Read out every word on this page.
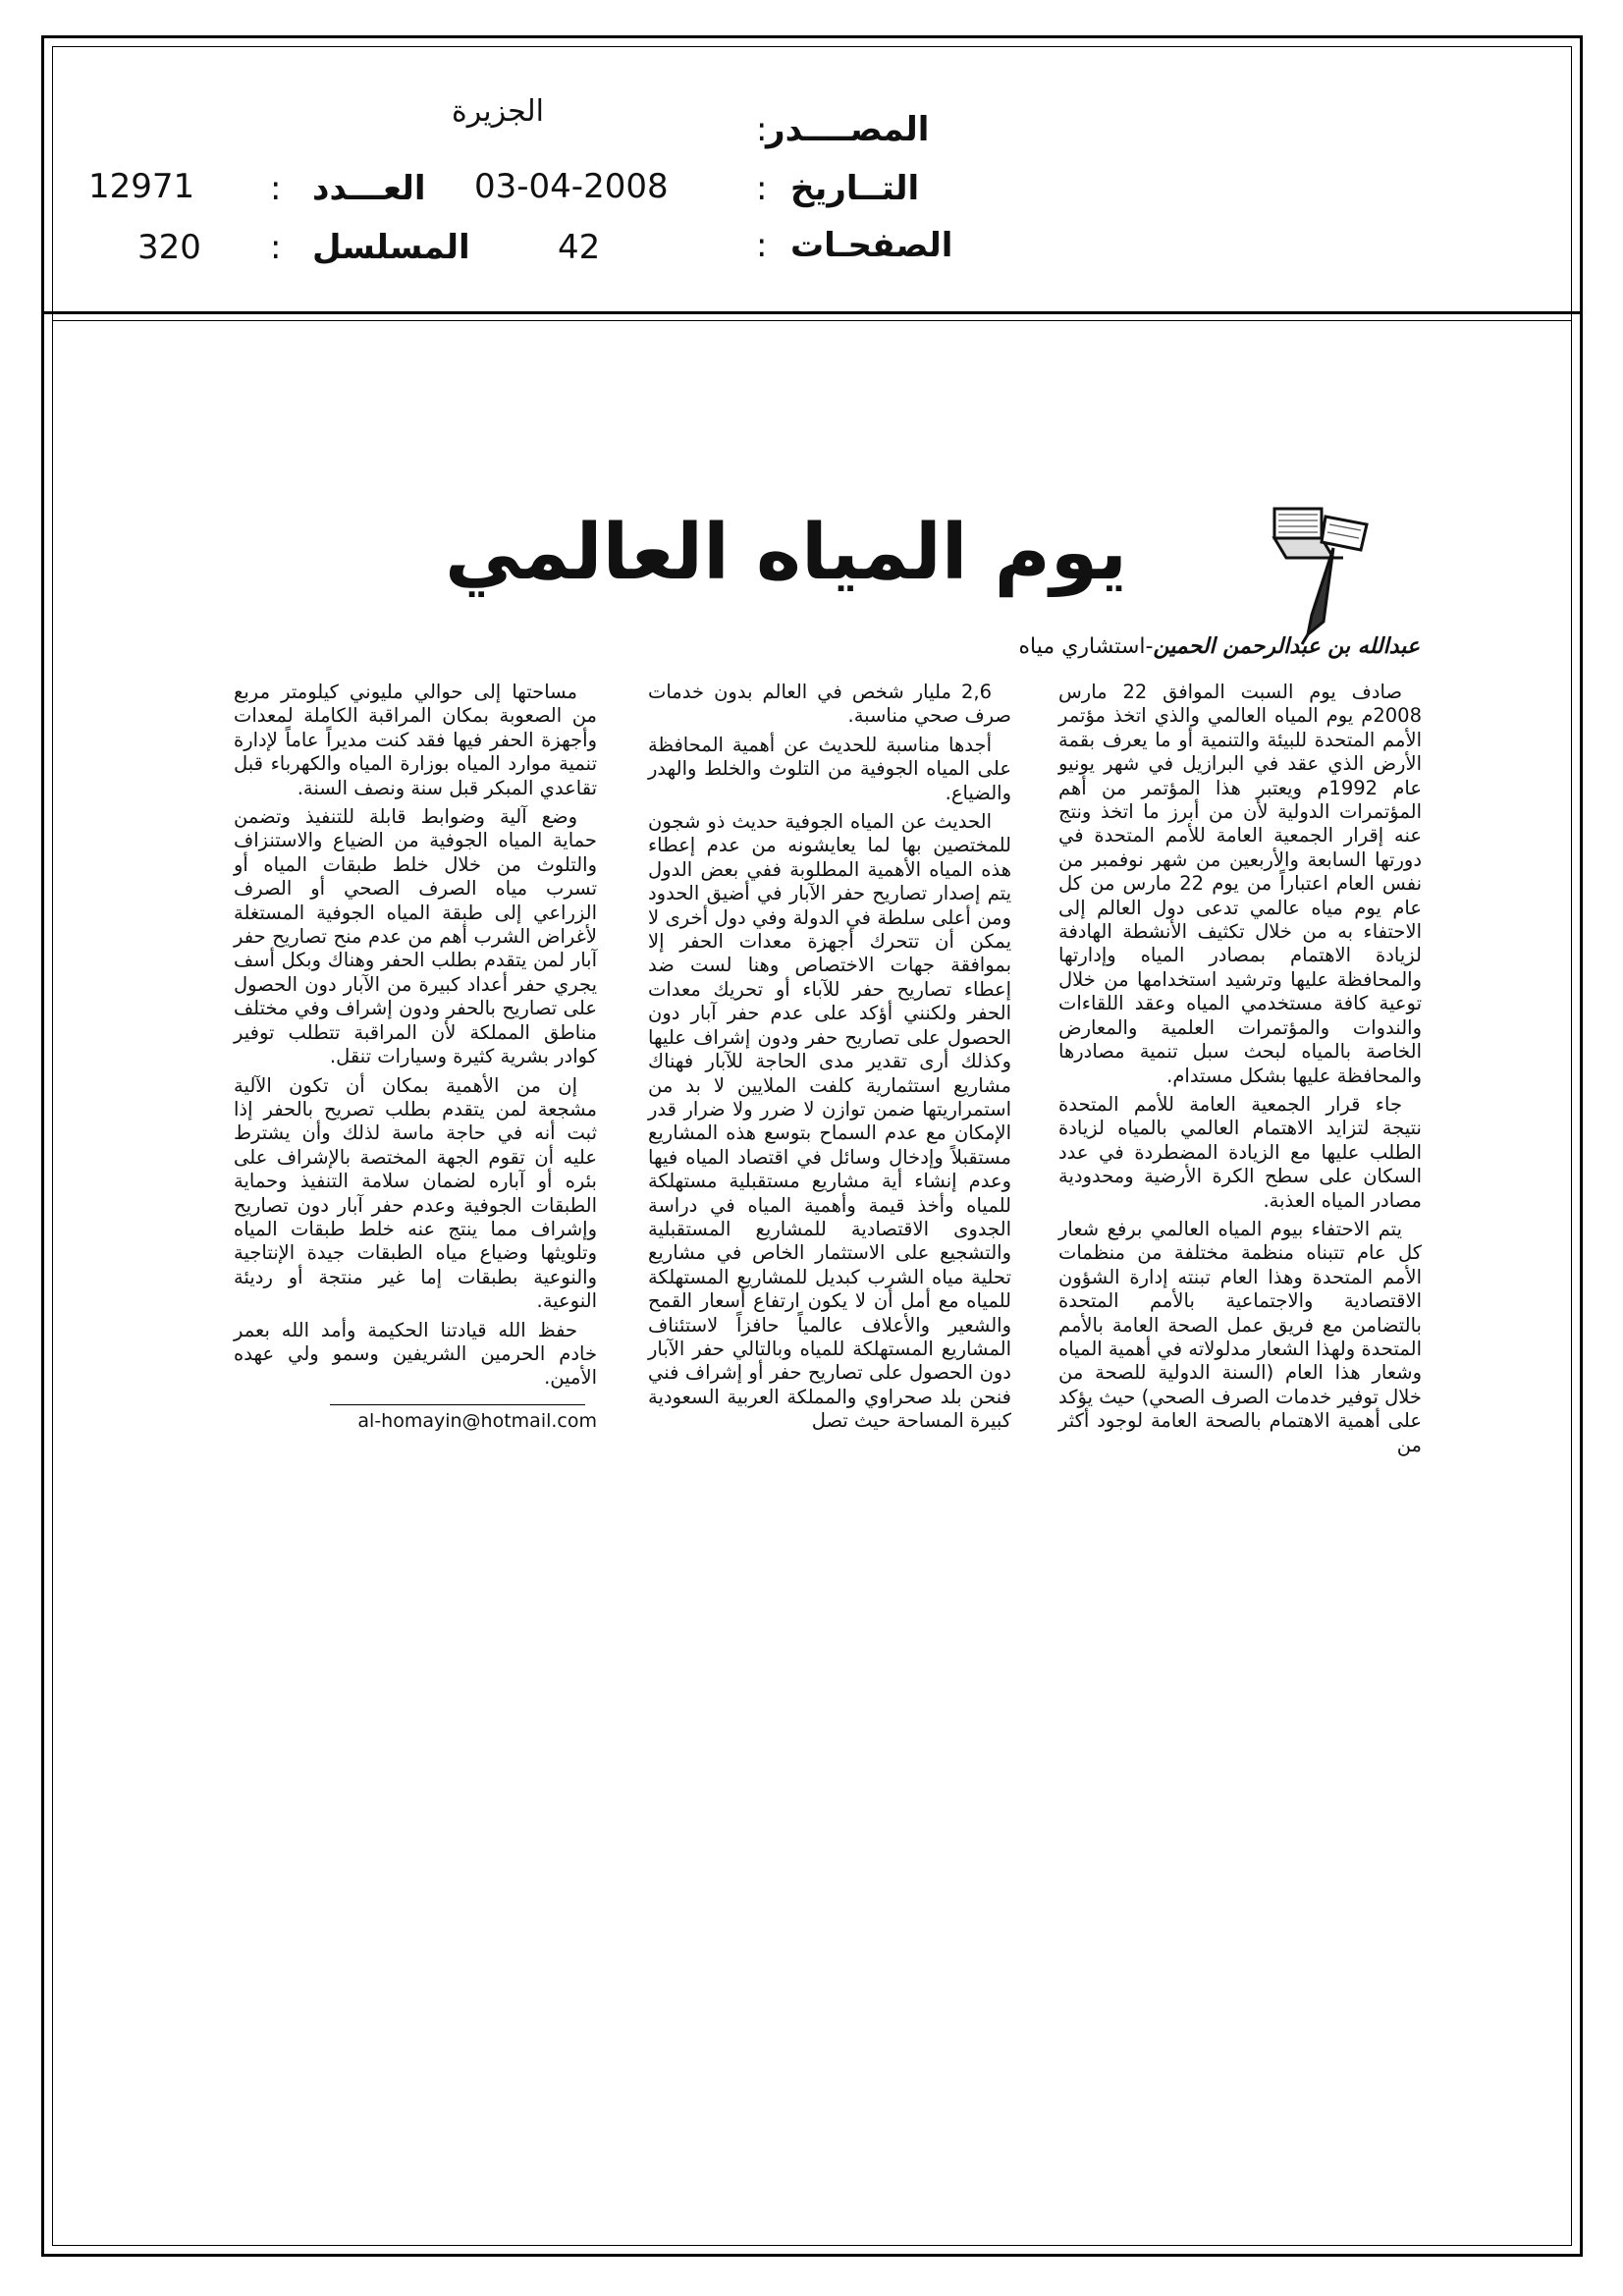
المصــــدر
:
الجزيرة
التــاريخ
:
03-04-2008
العـــدد
:
12971
الصفحـات
:
42
المسلسل
:
320
يوم المياه العالمي
عبدالله بن عبدالرحمن الحمين-استشاري مياه

صادف يوم السبت الموافق 22 مارس 2008م يوم المياه العالمي والذي اتخذ مؤتمر الأمم المتحدة للبيئة والتنمية أو ما يعرف بقمة الأرض الذي عقد في البرازيل في شهر يونيو عام 1992م ويعتبر هذا المؤتمر من أهم المؤتمرات الدولية لأن من أبرز ما اتخذ ونتج عنه إقرار الجمعية العامة للأمم المتحدة في دورتها السابعة والأربعين من شهر نوفمبر من نفس العام اعتباراً من يوم 22 مارس من كل عام يوم مياه عالمي تدعى دول العالم إلى الاحتفاء به من خلال تكثيف الأنشطة الهادفة لزيادة الاهتمام بمصادر المياه وإدارتها والمحافظة عليها وترشيد استخدامها من خلال توعية كافة مستخدمي المياه وعقد اللقاءات والندوات والمؤتمرات العلمية والمعارض الخاصة بالمياه لبحث سبل تنمية مصادرها والمحافظة عليها بشكل مستدام.

جاء قرار الجمعية العامة للأمم المتحدة نتيجة لتزايد الاهتمام العالمي بالمياه لزيادة الطلب عليها مع الزيادة المضطردة في عدد السكان على سطح الكرة الأرضية ومحدودية مصادر المياه العذبة.

يتم الاحتفاء بيوم المياه العالمي برفع شعار كل عام تتبناه منظمة مختلفة من منظمات الأمم المتحدة وهذا العام تبنته إدارة الشؤون الاقتصادية والاجتماعية بالأمم المتحدة بالتضامن مع فريق عمل الصحة العامة بالأمم المتحدة ولهذا الشعار مدلولاته في أهمية المياه وشعار هذا العام (السنة الدولية للصحة من خلال توفير خدمات الصرف الصحي) حيث يؤكد على أهمية الاهتمام بالصحة العامة لوجود أكثر من

2,6 مليار شخص في العالم بدون خدمات صرف صحي مناسبة.

أجدها مناسبة للحديث عن أهمية المحافظة على المياه الجوفية من التلوث والخلط والهدر والضياع.

الحديث عن المياه الجوفية حديث ذو شجون للمختصين بها لما يعايشونه من عدم إعطاء هذه المياه الأهمية المطلوبة ففي بعض الدول يتم إصدار تصاريح حفر الآبار في أضيق الحدود ومن أعلى سلطة في الدولة وفي دول أخرى لا يمكن أن تتحرك أجهزة معدات الحفر إلا بموافقة جهات الاختصاص وهنا لست ضد إعطاء تصاريح حفر للآباء أو تحريك معدات الحفر ولكنني أؤكد على عدم حفر آبار دون الحصول على تصاريح حفر ودون إشراف عليها وكذلك أرى تقدير مدى الحاجة للآبار فهناك مشاريع استثمارية كلفت الملايين لا بد من استمراريتها ضمن توازن لا ضرر ولا ضرار قدر الإمكان مع عدم السماح بتوسع هذه المشاريع مستقبلاً وإدخال وسائل في اقتصاد المياه فيها وعدم إنشاء أية مشاريع مستقبلية مستهلكة للمياه وأخذ قيمة وأهمية المياه في دراسة الجدوى الاقتصادية للمشاريع المستقبلية والتشجيع على الاستثمار الخاص في مشاريع تحلية مياه الشرب كبديل للمشاريع المستهلكة للمياه مع أمل أن لا يكون ارتفاع أسعار القمح والشعير والأعلاف عالمياً حافزاً لاستئناف المشاريع المستهلكة للمياه وبالتالي حفر الآبار دون الحصول على تصاريح حفر أو إشراف فني فنحن بلد صحراوي والمملكة العربية السعودية كبيرة المساحة حيث تصل

مساحتها إلى حوالي مليوني كيلومتر مربع من الصعوبة بمكان المراقبة الكاملة لمعدات وأجهزة الحفر فيها فقد كنت مديراً عاماً لإدارة تنمية موارد المياه بوزارة المياه والكهرباء قبل تقاعدي المبكر قبل سنة ونصف السنة.

وضع آلية وضوابط قابلة للتنفيذ وتضمن حماية المياه الجوفية من الضياع والاستنزاف والتلوث من خلال خلط طبقات المياه أو تسرب مياه الصرف الصحي أو الصرف الزراعي إلى طبقة المياه الجوفية المستغلة لأغراض الشرب أهم من عدم منح تصاريح حفر آبار لمن يتقدم بطلب الحفر وهناك وبكل أسف يجري حفر أعداد كبيرة من الآبار دون الحصول على تصاريح بالحفر ودون إشراف وفي مختلف مناطق المملكة لأن المراقبة تتطلب توفير كوادر بشرية كثيرة وسيارات تنقل.

إن من الأهمية بمكان أن تكون الآلية مشجعة لمن يتقدم بطلب تصريح بالحفر إذا ثبت أنه في حاجة ماسة لذلك وأن يشترط عليه أن تقوم الجهة المختصة بالإشراف على بئره أو آباره لضمان سلامة التنفيذ وحماية الطبقات الجوفية وعدم حفر آبار دون تصاريح وإشراف مما ينتج عنه خلط طبقات المياه وتلويثها وضياع مياه الطبقات جيدة الإنتاجية والنوعية بطبقات إما غير منتجة أو رديئة النوعية.

حفظ الله قيادتنا الحكيمة وأمد الله بعمر خادم الحرمين الشريفين وسمو ولي عهده الأمين.

al-homayin@hotmail.com
